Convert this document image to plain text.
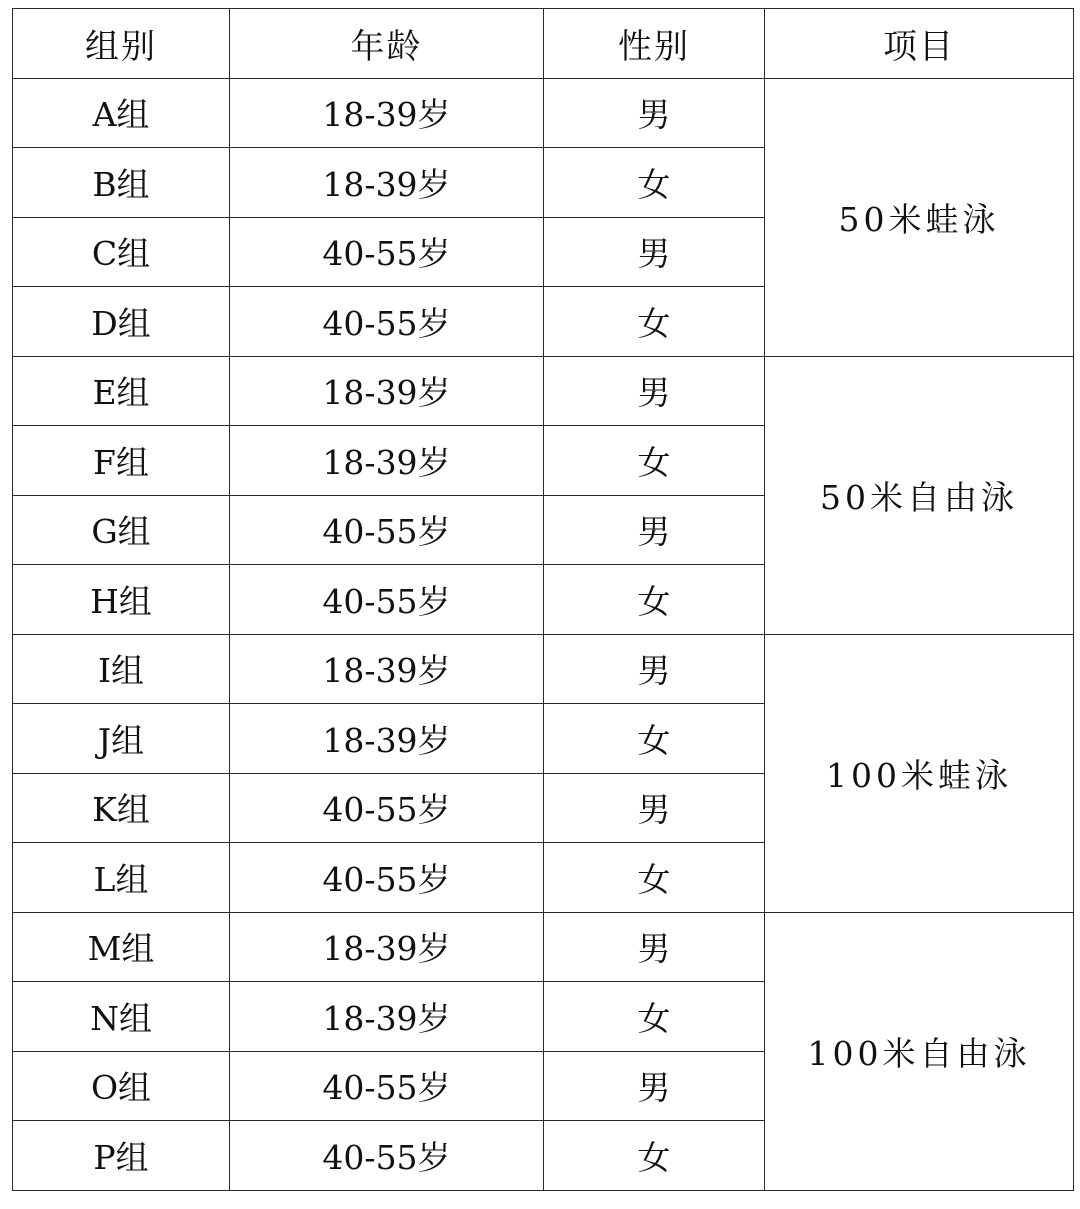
组别	年龄	性别	项目
A组	18-39岁	男	50米蛙泳
B组	18-39岁	女	
C组	40-55岁	男	
D组	40-55岁	女	
E组	18-39岁	男	50米自由泳
F组	18-39岁	女	
G组	40-55岁	男	
H组	40-55岁	女	
I组	18-39岁	男	100米蛙泳
J组	18-39岁	女	
K组	40-55岁	男	
L组	40-55岁	女	
M组	18-39岁	男	100米自由泳
N组	18-39岁	女	
O组	40-55岁	男	
P组	40-55岁	女	
